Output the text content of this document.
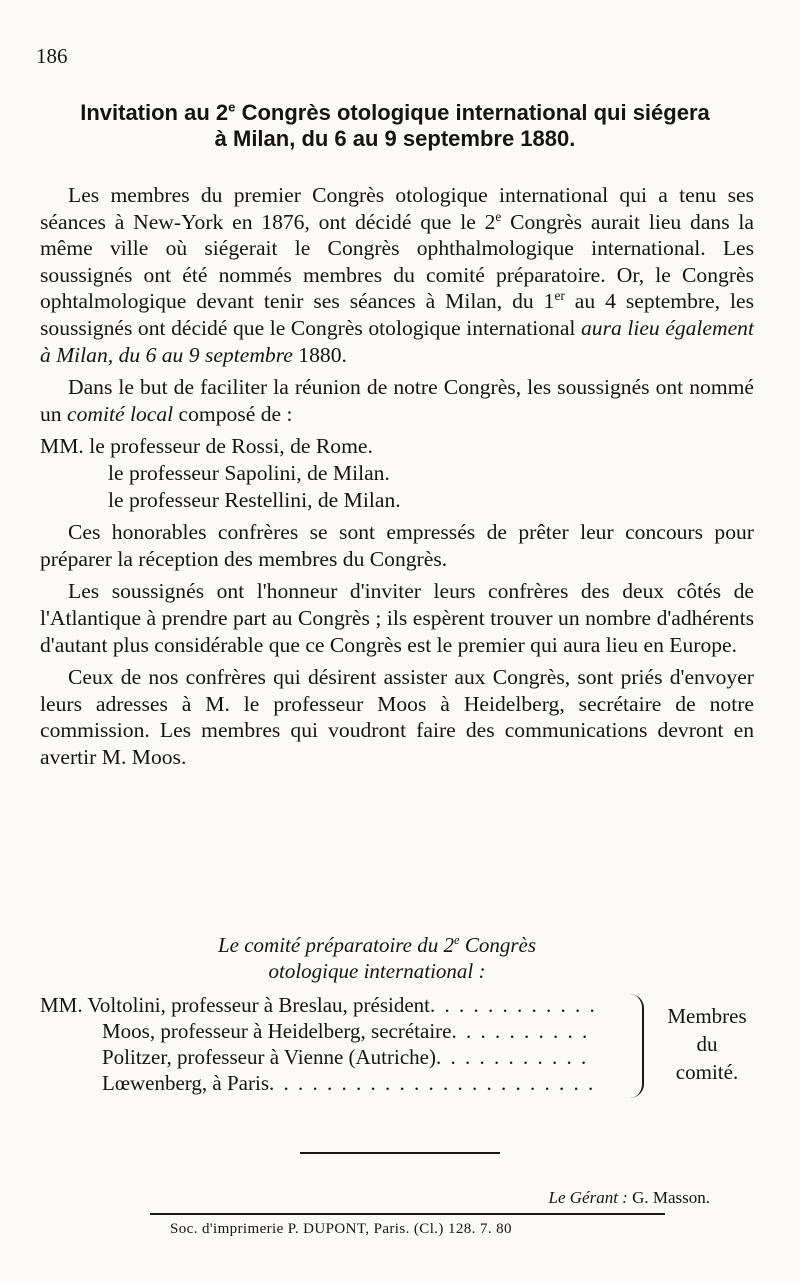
186
Invitation au 2e Congrès otologique international qui siégera
à Milan, du 6 au 9 septembre 1880.

Les membres du premier Congrès otologique international qui a tenu ses séances à New-York en 1876, ont décidé que le 2e Congrès aurait lieu dans la même ville où siégerait le Congrès ophthalmologique international. Les soussignés ont été nommés membres du comité préparatoire. Or, le Congrès ophtalmologique devant tenir ses séances à Milan, du 1er au 4 septembre, les soussignés ont décidé que le Congrès otologique international aura lieu également à Milan, du 6 au 9 septembre 1880.

Dans le but de faciliter la réunion de notre Congrès, les soussignés ont nommé un comité local composé de :

MM. le professeur de Rossi, de Rome.

le professeur Sapolini, de Milan.

le professeur Restellini, de Milan.

Ces honorables confrères se sont empressés de prêter leur concours pour préparer la réception des membres du Congrès.

Les soussignés ont l'honneur d'inviter leurs confrères des deux côtés de l'Atlantique à prendre part au Congrès ; ils espèrent trouver un nombre d'adhérents d'autant plus considérable que ce Congrès est le premier qui aura lieu en Europe.

Ceux de nos confrères qui désirent assister aux Congrès, sont priés d'envoyer leurs adresses à M. le professeur Moos à Heidelberg, secrétaire de notre commission. Les membres qui voudront faire des communications devront en avertir M. Moos.

Le comité préparatoire du 2e Congrès
otologique international :
MM. Voltolini, professeur à Breslau, président
. . .
Moos, professeur à Heidelberg, secrétaire
. . .
Politzer, professeur à Vienne (Autriche)
. . .
Lœwenberg, à Paris
. . .
Membres
du
comité.
Le Gérant : G. Masson.
Soc. d'imprimerie P. DUPONT, Paris. (Cl.) 128. 7. 80
